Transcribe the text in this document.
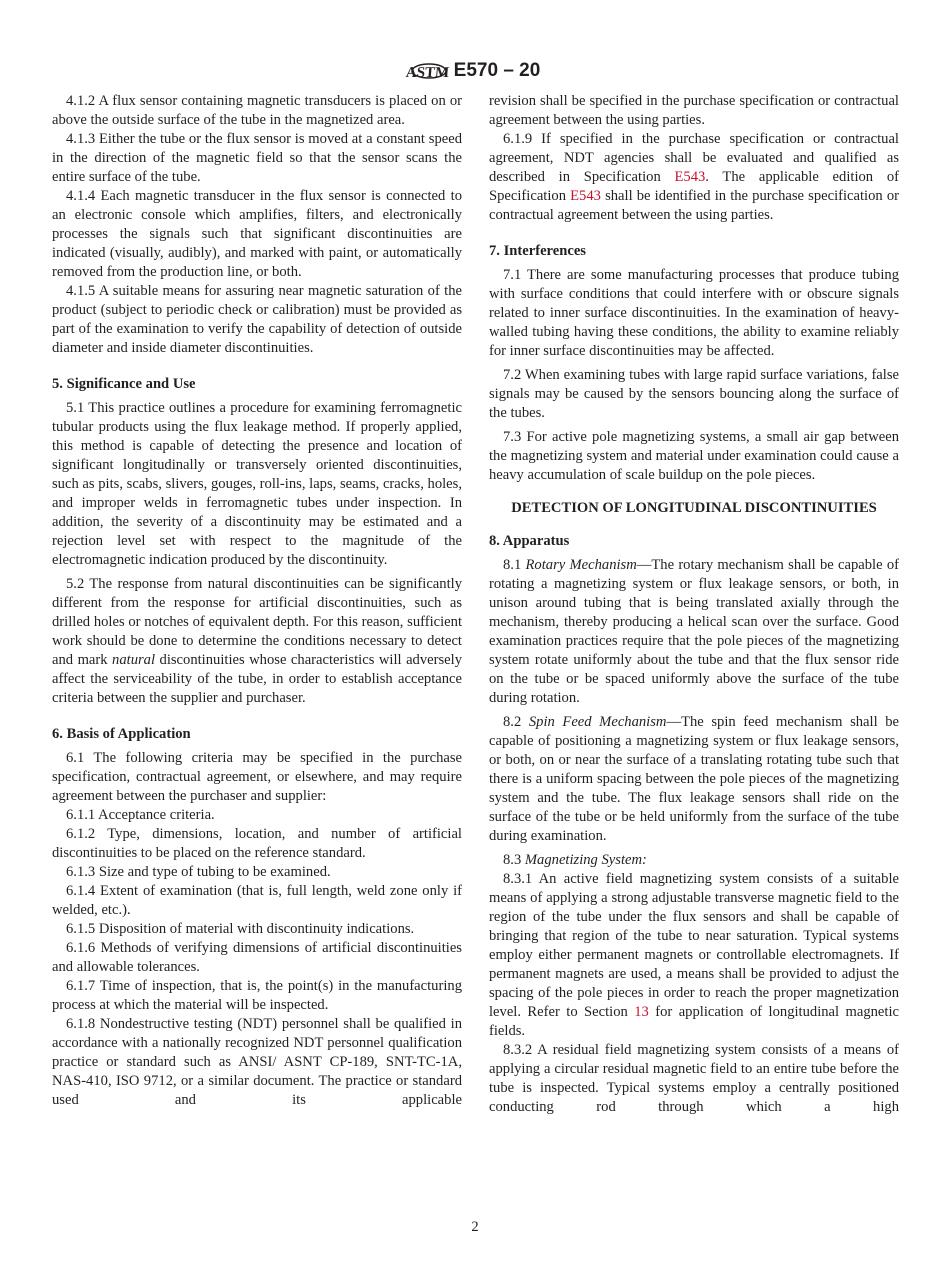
ASTM E570 – 20
4.1.2 A flux sensor containing magnetic transducers is placed on or above the outside surface of the tube in the magnetized area.
4.1.3 Either the tube or the flux sensor is moved at a constant speed in the direction of the magnetic field so that the sensor scans the entire surface of the tube.
4.1.4 Each magnetic transducer in the flux sensor is connected to an electronic console which amplifies, filters, and electronically processes the signals such that significant discontinuities are indicated (visually, audibly), and marked with paint, or automatically removed from the production line, or both.
4.1.5 A suitable means for assuring near magnetic saturation of the product (subject to periodic check or calibration) must be provided as part of the examination to verify the capability of detection of outside diameter and inside diameter discontinuities.
5. Significance and Use
5.1 This practice outlines a procedure for examining ferromagnetic tubular products using the flux leakage method. If properly applied, this method is capable of detecting the presence and location of significant longitudinally or transversely oriented discontinuities, such as pits, scabs, slivers, gouges, roll-ins, laps, seams, cracks, holes, and improper welds in ferromagnetic tubes under inspection. In addition, the severity of a discontinuity may be estimated and a rejection level set with respect to the magnitude of the electromagnetic indication produced by the discontinuity.
5.2 The response from natural discontinuities can be significantly different from the response for artificial discontinuities, such as drilled holes or notches of equivalent depth. For this reason, sufficient work should be done to determine the conditions necessary to detect and mark natural discontinuities whose characteristics will adversely affect the serviceability of the tube, in order to establish acceptance criteria between the supplier and purchaser.
6. Basis of Application
6.1 The following criteria may be specified in the purchase specification, contractual agreement, or elsewhere, and may require agreement between the purchaser and supplier:
6.1.1 Acceptance criteria.
6.1.2 Type, dimensions, location, and number of artificial discontinuities to be placed on the reference standard.
6.1.3 Size and type of tubing to be examined.
6.1.4 Extent of examination (that is, full length, weld zone only if welded, etc.).
6.1.5 Disposition of material with discontinuity indications.
6.1.6 Methods of verifying dimensions of artificial discontinuities and allowable tolerances.
6.1.7 Time of inspection, that is, the point(s) in the manufacturing process at which the material will be inspected.
6.1.8 Nondestructive testing (NDT) personnel shall be qualified in accordance with a nationally recognized NDT personnel qualification practice or standard such as ANSI/ ASNT CP-189, SNT-TC-1A, NAS-410, ISO 9712, or a similar document. The practice or standard used and its applicable
revision shall be specified in the purchase specification or contractual agreement between the using parties.
6.1.9 If specified in the purchase specification or contractual agreement, NDT agencies shall be evaluated and qualified as described in Specification E543. The applicable edition of Specification E543 shall be identified in the purchase specification or contractual agreement between the using parties.
7. Interferences
7.1 There are some manufacturing processes that produce tubing with surface conditions that could interfere with or obscure signals related to inner surface discontinuities. In the examination of heavy-walled tubing having these conditions, the ability to examine reliably for inner surface discontinuities may be affected.
7.2 When examining tubes with large rapid surface variations, false signals may be caused by the sensors bouncing along the surface of the tubes.
7.3 For active pole magnetizing systems, a small air gap between the magnetizing system and material under examination could cause a heavy accumulation of scale buildup on the pole pieces.
DETECTION OF LONGITUDINAL DISCONTINUITIES
8. Apparatus
8.1 Rotary Mechanism—The rotary mechanism shall be capable of rotating a magnetizing system or flux leakage sensors, or both, in unison around tubing that is being translated axially through the mechanism, thereby producing a helical scan over the surface. Good examination practices require that the pole pieces of the magnetizing system rotate uniformly about the tube and that the flux sensor ride on the tube or be spaced uniformly above the surface of the tube during rotation.
8.2 Spin Feed Mechanism—The spin feed mechanism shall be capable of positioning a magnetizing system or flux leakage sensors, or both, on or near the surface of a translating rotating tube such that there is a uniform spacing between the pole pieces of the magnetizing system and the tube. The flux leakage sensors shall ride on the surface of the tube or be held uniformly from the surface of the tube during examination.
8.3 Magnetizing System:
8.3.1 An active field magnetizing system consists of a suitable means of applying a strong adjustable transverse magnetic field to the region of the tube under the flux sensors and shall be capable of bringing that region of the tube to near saturation. Typical systems employ either permanent magnets or controllable electromagnets. If permanent magnets are used, a means shall be provided to adjust the spacing of the pole pieces in order to reach the proper magnetization level. Refer to Section 13 for application of longitudinal magnetic fields.
8.3.2 A residual field magnetizing system consists of a means of applying a circular residual magnetic field to an entire tube before the tube is inspected. Typical systems employ a centrally positioned conducting rod through which a high
2
